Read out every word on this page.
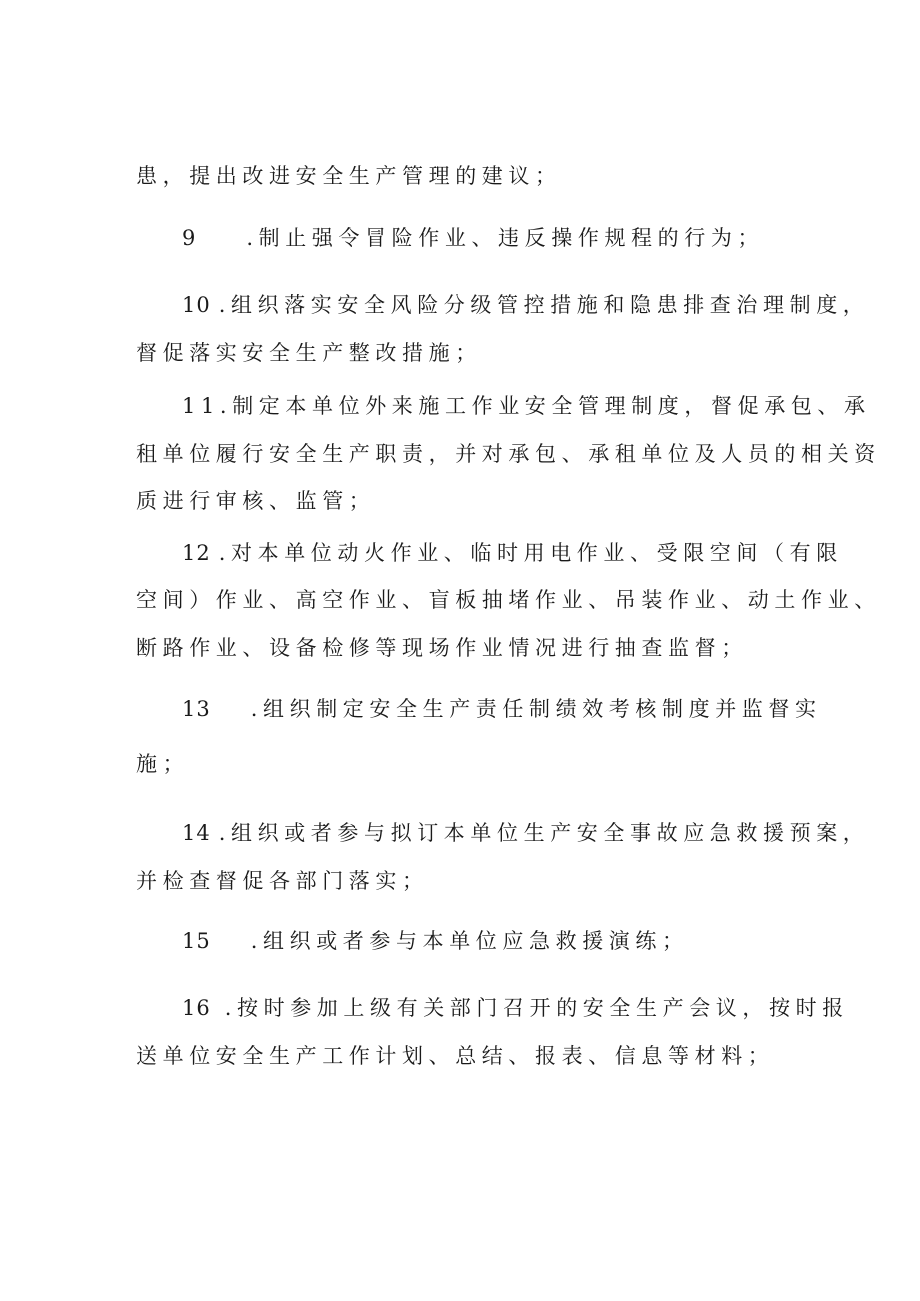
患，提出改进安全生产管理的建议；
9 .制止强令冒险作业、违反操作规程的行为；
10 .组织落实安全风险分级管控措施和隐患排查治理制度，
督促落实安全生产整改措施；
11.制定本单位外来施工作业安全管理制度，督促承包、承
租单位履行安全生产职责，并对承包、承租单位及人员的相关资
质进行审核、监管；
12 .对本单位动火作业、临时用电作业、受限空间（有限
空间）作业、高空作业、盲板抽堵作业、吊装作业、动土作业、
断路作业、设备检修等现场作业情况进行抽查监督；
13 .组织制定安全生产责任制绩效考核制度并监督实
施；
14 .组织或者参与拟订本单位生产安全事故应急救援预案，
并检查督促各部门落实；
15 .组织或者参与本单位应急救援演练；
16 .按时参加上级有关部门召开的安全生产会议，按时报
送单位安全生产工作计划、总结、报表、信息等材料；
